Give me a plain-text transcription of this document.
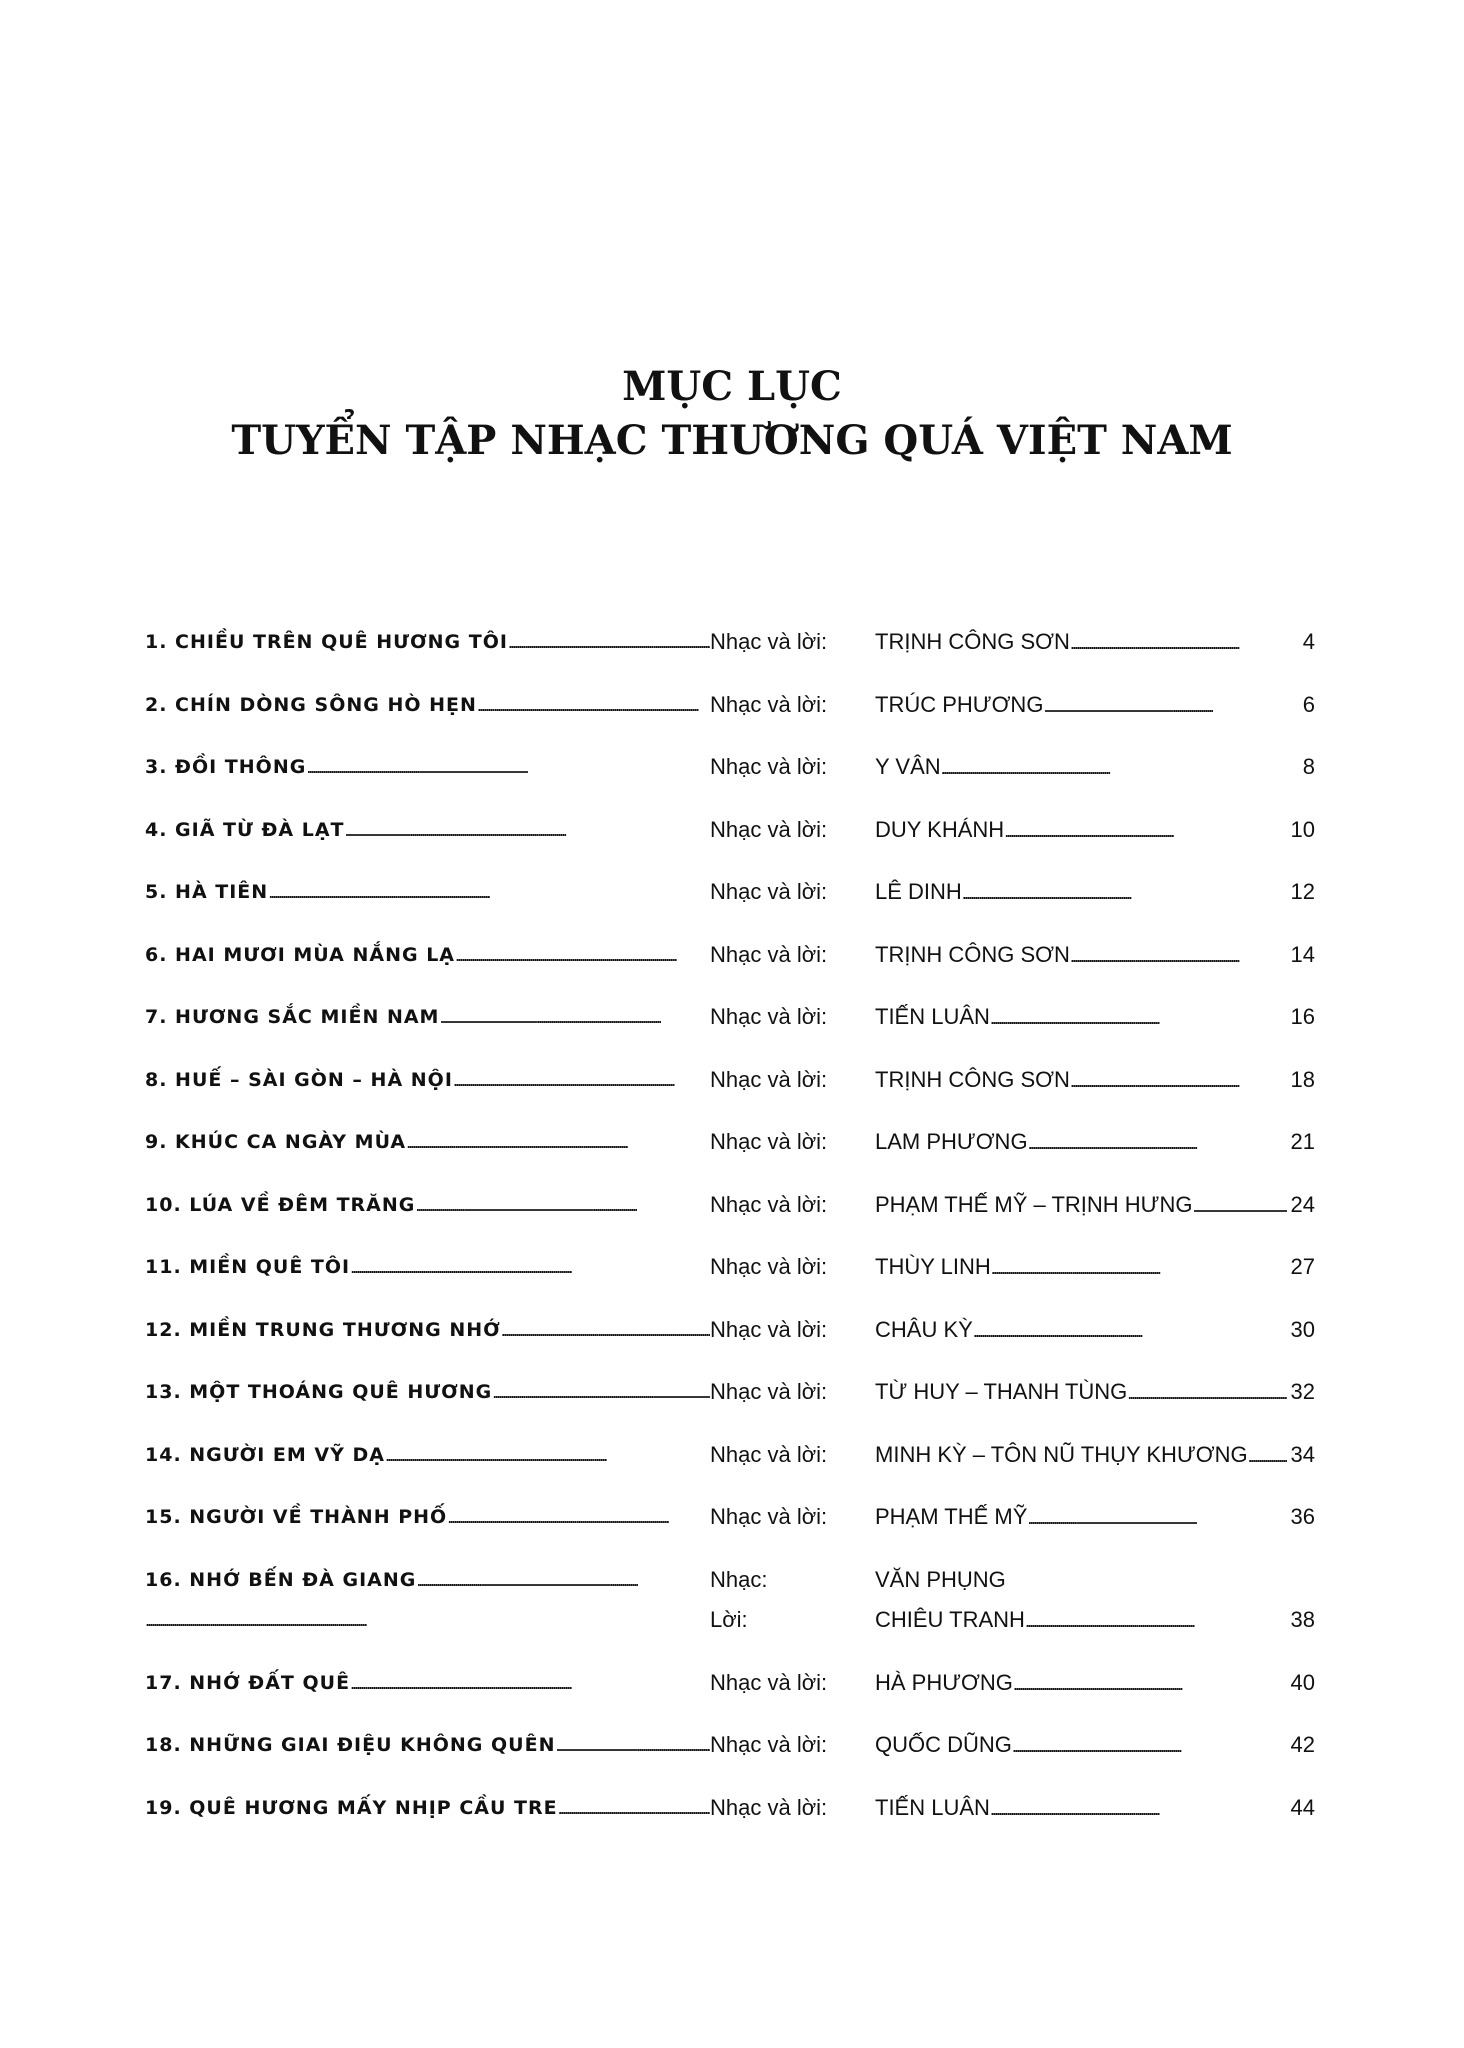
MỤC LỤC
TUYỂN TẬP NHẠC THƯƠNG QUÁ VIỆT NAM
1. CHIỀU TRÊN QUÊ HƯƠNG TÔI . . .	Nhạc và lời: TRỊNH CÔNG SƠN . . .	4
2. CHÍN DÒNG SÔNG HÒ HẸN . . .	Nhạc và lời: TRÚC PHƯƠNG . . .	6
3. ĐỒI THÔNG . . .	Nhạc và lời: Y VÂN . . .	8
4. GIÃ TỪ ĐÀ LẠT . . .	Nhạc và lời: DUY KHÁNH . . .	10
5. HÀ TIÊN . . .	Nhạc và lời: LÊ DINH . . .	12
6. HAI MƯƠI MÙA NẮNG LẠ . . .	Nhạc và lời: TRỊNH CÔNG SƠN . . .	14
7. HƯƠNG SẮC MIỀN NAM . . .	Nhạc và lời: TIẾN LUÂN . . .	16
8. HUẾ – SÀI GÒN – HÀ NỘI . . .	Nhạc và lời: TRỊNH CÔNG SƠN . . .	18
9. KHÚC CA NGÀY MÙA . . .	Nhạc và lời: LAM PHƯƠNG . . .	21
10. LÚA VỀ ĐÊM TRĂNG . . .	Nhạc và lời: PHẠM THẾ MỸ – TRỊNH HƯNG . . .	24
11. MIỀN QUÊ TÔI . . .	Nhạc và lời: THÙY LINH . . .	27
12. MIỀN TRUNG THƯƠNG NHỚ . . .	Nhạc và lời: CHÂU KỲ . . .	30
13. MỘT THOÁNG QUÊ HƯƠNG . . .	Nhạc và lời: TỪ HUY – THANH TÙNG . . .	32
14. NGƯỜI EM VỸ DẠ . . .	Nhạc và lời: MINH KỲ – TÔN NŨ THỤY KHƯƠNG . . . 34
15. NGƯỜI VỀ THÀNH PHỐ . . .	Nhạc và lời: PHẠM THẾ MỸ . . .	36
16. NHỚ BẾN ĐÀ GIANG . . .	Nhạc:	VĂN PHỤNG
. . .
Lời:	CHIÊU TRANH . . .	38
17. NHỚ ĐẤT QUÊ . . .	Nhạc và lời: HÀ PHƯƠNG . . .	40
18. NHỮNG GIAI ĐIỆU KHÔNG QUÊN . . .	Nhạc và lời: QUỐC DŨNG . . .	42
19. QUÊ HƯƠNG MẤY NHỊP CẦU TRE . . .	Nhạc và lời: TIẾN LUÂN . . .	44
